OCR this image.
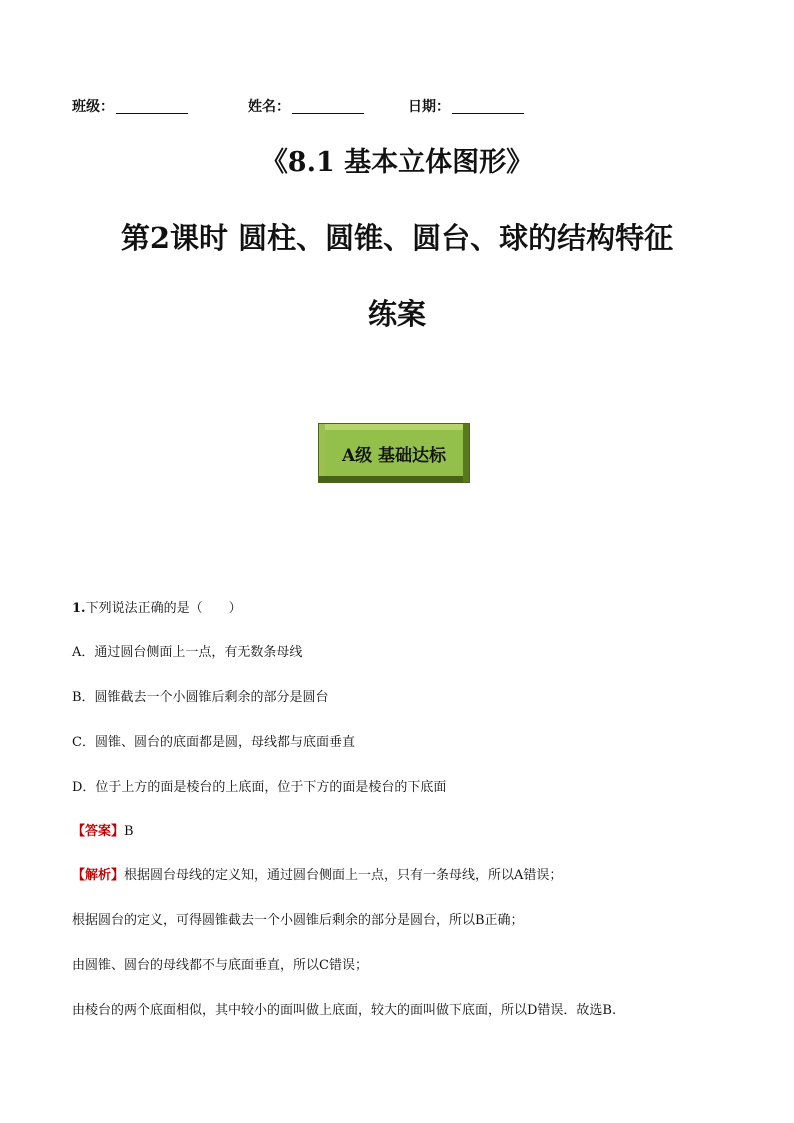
班级：	姓名：	日期：
《8.1 基本立体图形》
第2课时 圆柱、圆锥、圆台、球的结构特征
练案
A级 基础达标
1.下列说法正确的是（　　）
A．通过圆台侧面上一点，有无数条母线
B．圆锥截去一个小圆锥后剩余的部分是圆台
C．圆锥、圆台的底面都是圆，母线都与底面垂直
D．位于上方的面是棱台的上底面，位于下方的面是棱台的下底面
【答案】B
【解析】根据圆台母线的定义知，通过圆台侧面上一点，只有一条母线，所以A错误；
根据圆台的定义，可得圆锥截去一个小圆锥后剩余的部分是圆台，所以B正确；
由圆锥、圆台的母线都不与底面垂直，所以C错误；
由棱台的两个底面相似，其中较小的面叫做上底面，较大的面叫做下底面，所以D错误．故选B.
